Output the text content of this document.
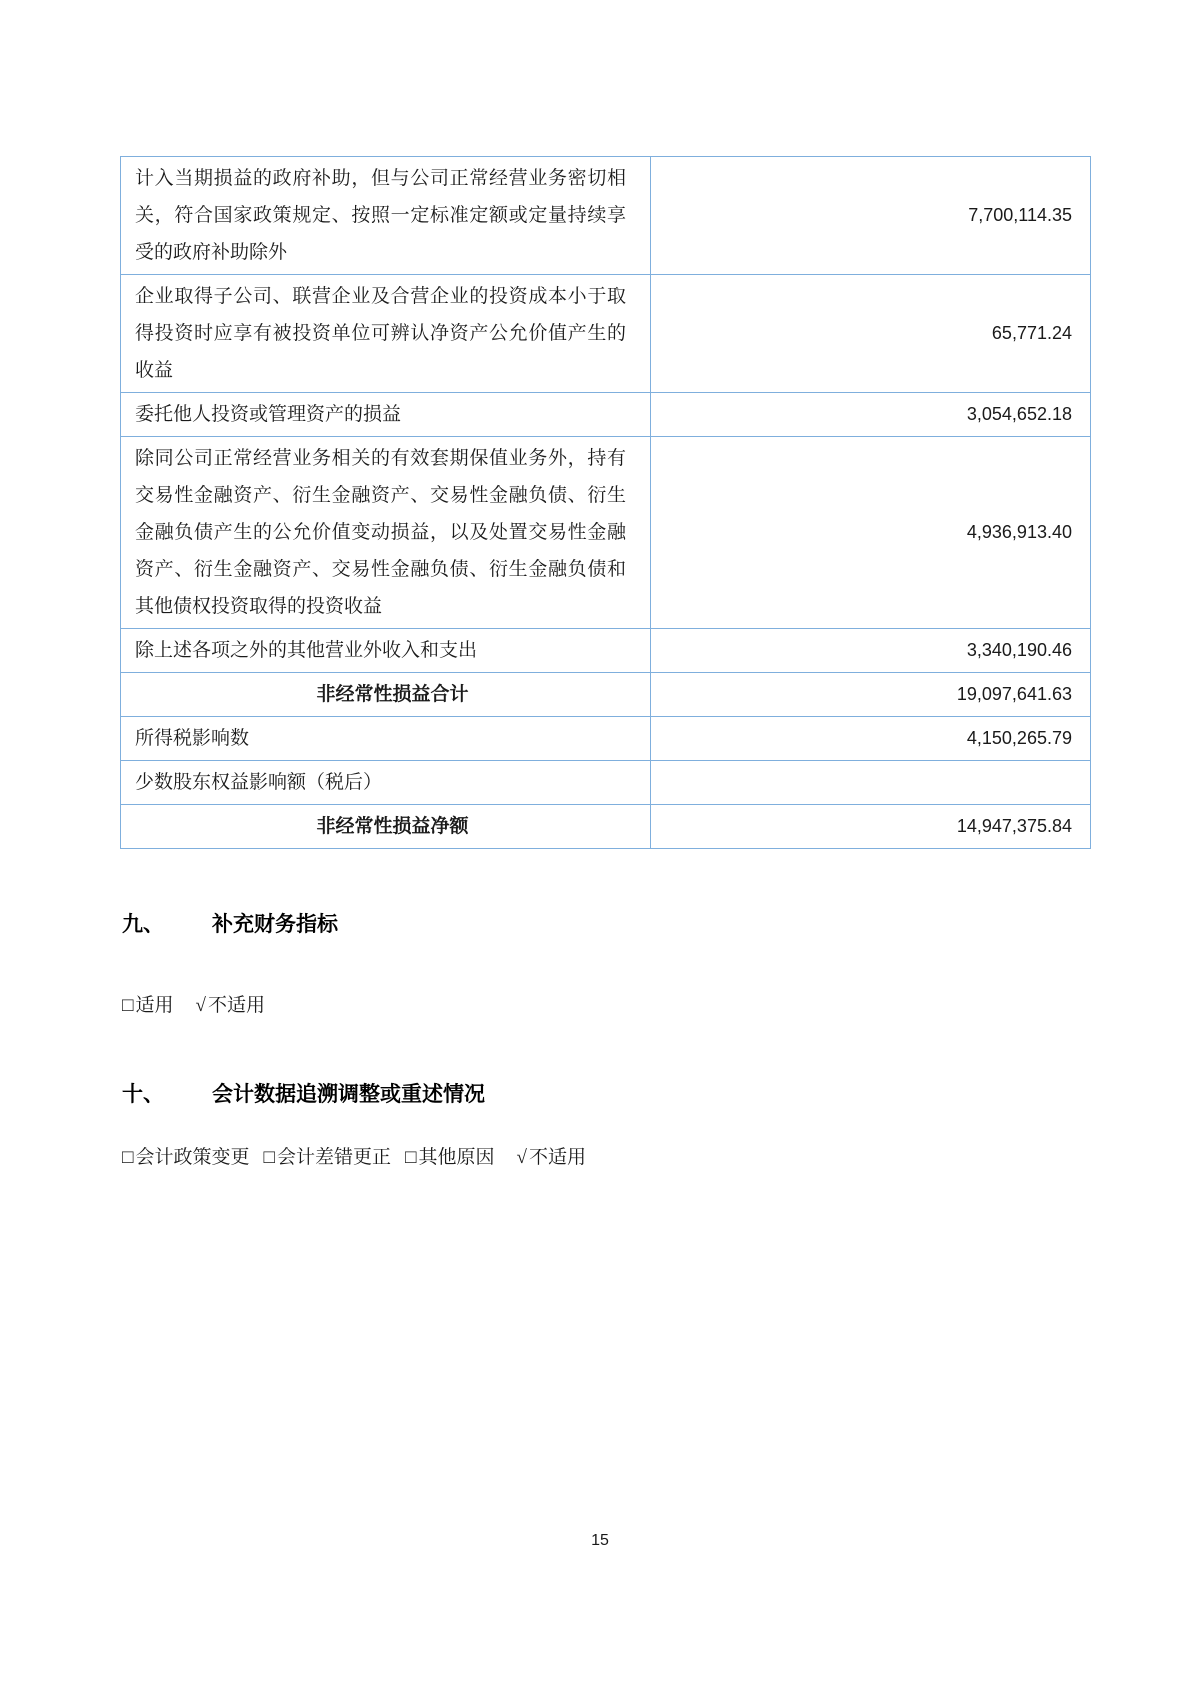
计入当期损益的政府补助，但与公司正常经营业务密切相关，符合国家政策规定、按照一定标准定额或定量持续享受的政府补助除外	7,700,114.35
企业取得子公司、联营企业及合营企业的投资成本小于取得投资时应享有被投资单位可辨认净资产公允价值产生的收益	65,771.24
委托他人投资或管理资产的损益	3,054,652.18
除同公司正常经营业务相关的有效套期保值业务外，持有交易性金融资产、衍生金融资产、交易性金融负债、衍生金融负债产生的公允价值变动损益，以及处置交易性金融资产、衍生金融资产、交易性金融负债、衍生金融负债和其他债权投资取得的投资收益	4,936,913.40
除上述各项之外的其他营业外收入和支出	3,340,190.46
非经常性损益合计	19,097,641.63
所得税影响数	4,150,265.79
少数股东权益影响额（税后）	
非经常性损益净额	14,947,375.84
九、 补充财务指标
□ 适用 √ 不适用
十、 会计数据追溯调整或重述情况
□ 会计政策变更 □ 会计差错更正 □ 其他原因 √ 不适用
15
